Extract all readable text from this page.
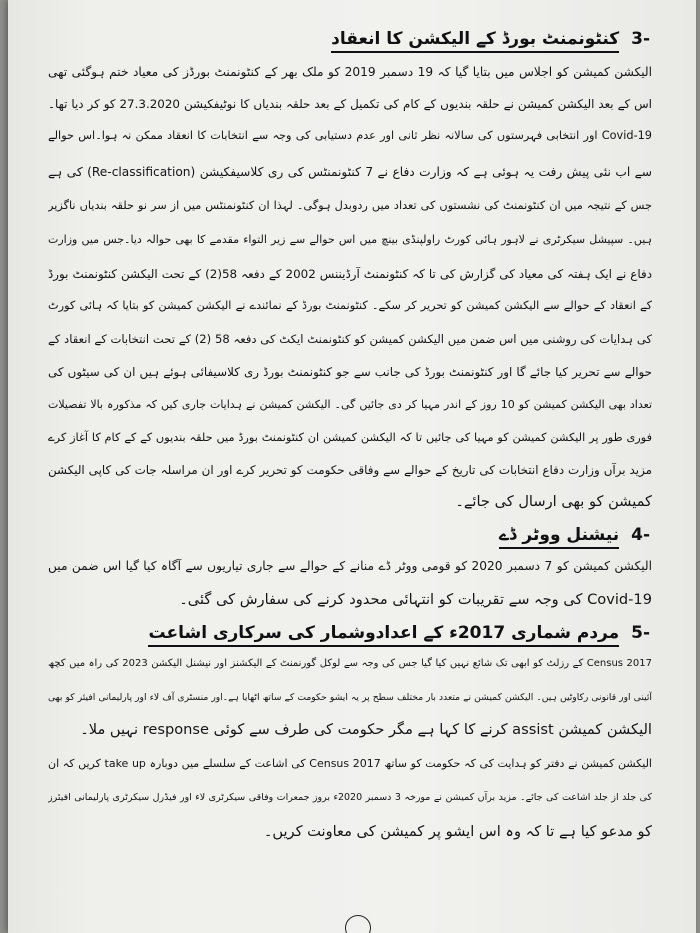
-3 کنٹونمنٹ بورڈ کے الیکشن کا انعقاد
الیکشن کمیشن کو اجلاس میں بتایا گیا کہ 19 دسمبر 2019 کو ملک بھر کے کنٹونمنٹ بورڈز کی معیاد ختم ہوگئی تھی
اس کے بعد الیکشن کمیشن نے حلقہ بندیوں کے کام کی تکمیل کے بعد حلقہ بندیاں کا نوٹیفکیشن 27.3.2020 کو کر دیا تھا۔
Covid-19 اور انتخابی فہرستوں کی سالانہ نظر ثانی اور عدم دستیابی کی وجہ سے انتخابات کا انعقاد ممکن نہ ہوا۔اس حوالے
سے اب نئی پیش رفت یہ ہوئی ہے کہ وزارت دفاع نے 7 کنٹونمنٹس کی ری کلاسیفکیشن (Re-classification) کی ہے
جس کے نتیجہ میں ان کنٹونمنٹ کی نشستوں کی تعداد میں ردوبدل ہوگی۔ لہذا ان کنٹونمنٹس میں از سر نو حلقہ بندیاں ناگزیر
ہیں۔ سپیشل سیکرٹری نے لاہور ہائی کورٹ راولپنڈی بینچ میں اس حوالے سے زیر التواء مقدمے کا بھی حوالہ دیا۔جس میں وزارت
دفاع نے ایک ہفتہ کی معیاد کی گزارش کی تا کہ کنٹونمنٹ آرڈیننس 2002 کے دفعہ 58(2) کے تحت الیکشن کنٹونمنٹ بورڈ
کے انعقاد کے حوالے سے الیکشن کمیشن کو تحریر کر سکے۔ کنٹونمنٹ بورڈ کے نمائندے نے الیکشن کمیشن کو بتایا کہ ہائی کورٹ
کی ہدایات کی روشنی میں اس ضمن میں الیکشن کمیشن کو کنٹونمنٹ ایکٹ کی دفعہ 58 (2) کے تحت انتخابات کے انعقاد کے
حوالے سے تحریر کیا جائے گا اور کنٹونمنٹ بورڈ کی جانب سے جو کنٹونمنٹ بورڈ ری کلاسیفائی ہوئے ہیں ان کی سیٹوں کی
تعداد بھی الیکشن کمیشن کو 10 روز کے اندر مہیا کر دی جائیں گی۔ الیکشن کمیشن نے ہدایات جاری کیں کہ مذکورہ بالا تفصیلات
فوری طور پر الیکشن کمیشن کو مہیا کی جائیں تا کہ الیکشن کمیشن ان کنٹونمنٹ بورڈ میں حلقہ بندیوں کے کے کام کا آغاز کرے
مزید برآں وزارت دفاع انتخابات کی تاریخ کے حوالے سے وفاقی حکومت کو تحریر کرے اور ان مراسلہ جات کی کاپی الیکشن
کمیشن کو بھی ارسال کی جائے۔
-4 نیشنل ووٹر ڈے
الیکشن کمیشن کو 7 دسمبر 2020 کو قومی ووٹر ڈے منانے کے حوالے سے جاری تیاریوں سے آگاہ کیا گیا اس ضمن میں
Covid-19 کی وجہ سے تقریبات کو انتہائی محدود کرنے کی سفارش کی گئی۔
-5 مردم شماری 2017ء کے اعدادوشمار کی سرکاری اشاعت
Census 2017 کے رزلٹ کو ابھی تک شائع نہیں کیا گیا جس کی وجہ سے لوکل گورنمنٹ کے الیکشنز اور نیشنل الیکشن 2023 کی راہ میں کچھ
آئینی اور قانونی رکاوٹیں ہیں۔ الیکشن کمیشن نے متعدد بار مختلف سطح پر یہ ایشو حکومت کے ساتھ اٹھایا ہے۔اور منسٹری آف لاء اور پارلیمانی افیئر کو بھی
الیکشن کمیشن assist کرنے کا کہا ہے مگر حکومت کی طرف سے کوئی response نہیں ملا۔
الیکشن کمیشن نے دفتر کو ہدایت کی کہ حکومت کو ساتھ Census 2017 کی اشاعت کے سلسلے میں دوبارہ take up کریں کہ ان
کی جلد از جلد اشاعت کی جائے۔ مزید برآں کمیشن نے مورخہ 3 دسمبر 2020ء بروز جمعرات وفاقی سیکرٹری لاء اور فیڈرل سیکرٹری پارلیمانی افیئرز
کو مدعو کیا ہے تا کہ وہ اس ایشو پر کمیشن کی معاونت کریں۔
